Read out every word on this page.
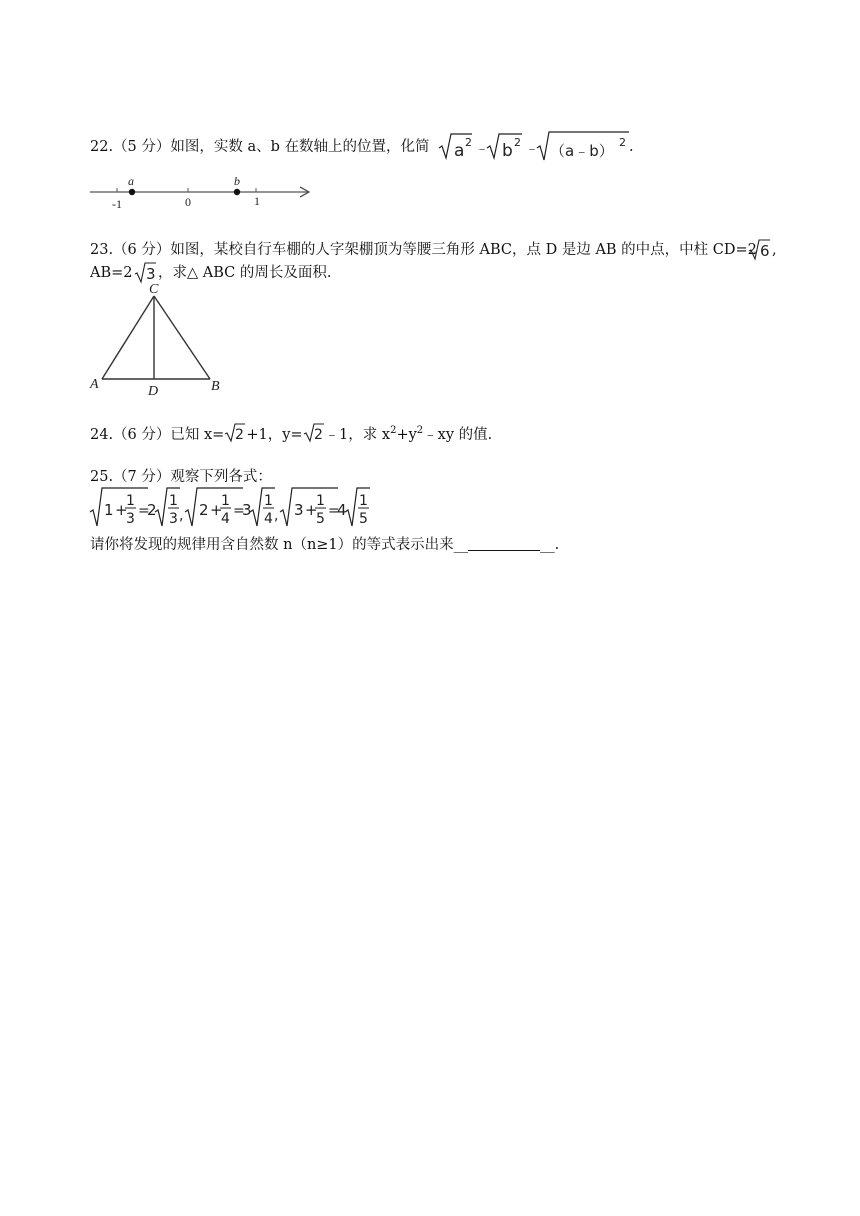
22.（5 分）如图，实数 a、b 在数轴上的位置，化简 a 2 ﹣ b 2 ﹣ （a﹣b） 2 .
a	b
-1	0	1
23.（6 分）如图，某校自行车棚的人字架棚顶为等腰三角形 ABC，点 D 是边 AB 的中点，中柱 CD=2 6 ,
AB=2 3 ，求△ ABC 的周长及面积.
C
A	B
D
24.（6 分）已知 x= 2 +1，y= 2 ﹣1，求 $x^2+y^2﹣xy$ 的值.
25.（7 分）观察下列各式：
1 +
1
3 =
2 1
3 , 2 +
1
4 =
3 1
4 , 3 +
1
5 =
4 1
5
请你将发现的规律用含自然数 n（n≥1）的等式表示出来__	__.
